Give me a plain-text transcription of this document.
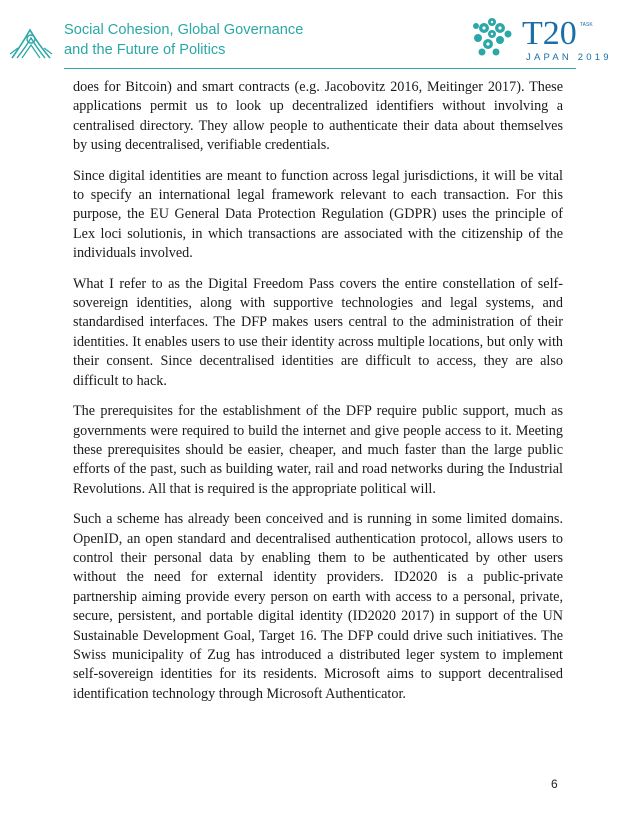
Social Cohesion, Global Governance
and the Future of Politics	T20 TASK
JAPAN 2019

does for Bitcoin) and smart contracts (e.g. Jacobovitz 2016, Meitinger 2017). These applications permit us to look up decentralized identifiers without involving a centralised directory. They allow people to authenticate their data about themselves by using decentralised, verifiable credentials.

Since digital identities are meant to function across legal jurisdictions, it will be vital to specify an international legal framework relevant to each transaction. For this purpose, the EU General Data Protection Regulation (GDPR) uses the principle of Lex loci solutionis, in which transactions are associated with the citizenship of the individuals involved.

What I refer to as the Digital Freedom Pass covers the entire constellation of self-sovereign identities, along with supportive technologies and legal systems, and standardised interfaces. The DFP makes users central to the administration of their identities. It enables users to use their identity across multiple locations, but only with their consent. Since decentralised identities are difficult to access, they are also difficult to hack.

The prerequisites for the establishment of the DFP require public support, much as governments were required to build the internet and give people access to it. Meeting these prerequisites should be easier, cheaper, and much faster than the large public efforts of the past, such as building water, rail and road networks during the Industrial Revolutions. All that is required is the appropriate political will.

Such a scheme has already been conceived and is running in some limited domains. OpenID, an open standard and decentralised authentication protocol, allows users to control their personal data by enabling them to be authenticated by other users without the need for external identity providers. ID2020 is a public-private partnership aiming provide every person on earth with access to a personal, private, secure, persistent, and portable digital identity (ID2020 2017) in support of the UN Sustainable Development Goal, Target 16. The DFP could drive such initiatives. The Swiss municipality of Zug has introduced a distributed leger system to implement self-sovereign identities for its residents. Microsoft aims to support decentralised identification technology through Microsoft Authenticator.

6
